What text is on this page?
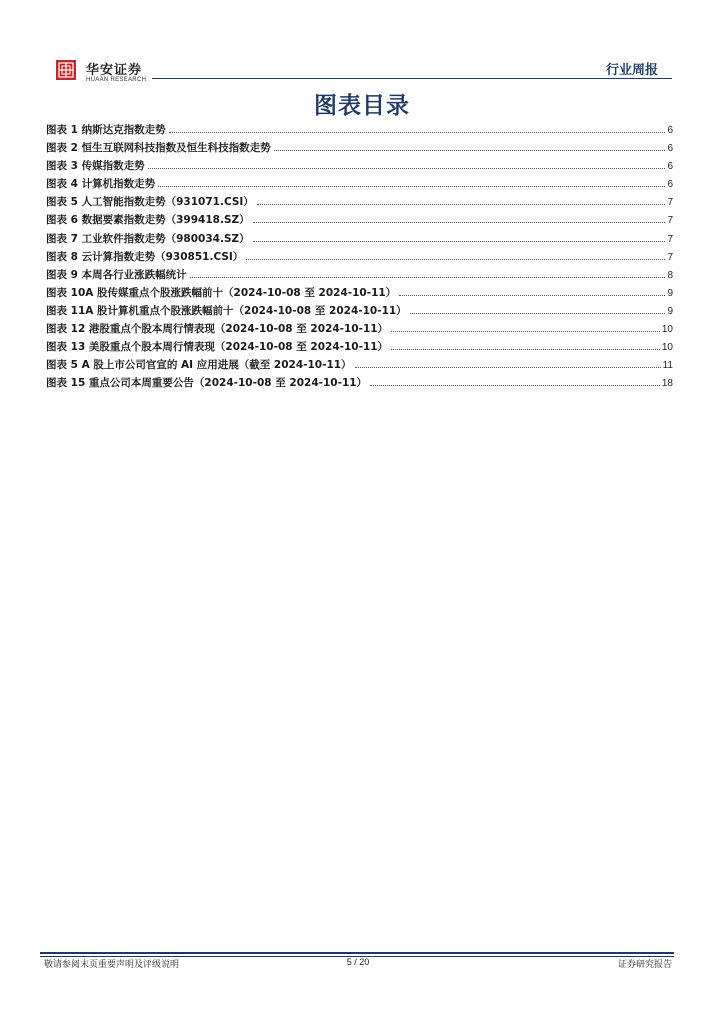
华安证券
HUAAN RESEARCH
行业周报
图表目录
图表 1 纳斯达克指数走势	6
图表 2 恒生互联网科技指数及恒生科技指数走势	6
图表 3 传媒指数走势	6
图表 4 计算机指数走势	6
图表 5 人工智能指数走势（931071.CSI）	7
图表 6 数据要素指数走势（399418.SZ）	7
图表 7 工业软件指数走势（980034.SZ）	7
图表 8 云计算指数走势（930851.CSI）	7
图表 9 本周各行业涨跌幅统计	8
图表 10A 股传媒重点个股涨跌幅前十（2024-10-08 至 2024-10-11）	9
图表 11A 股计算机重点个股涨跌幅前十（2024-10-08 至 2024-10-11）	9
图表 12 港股重点个股本周行情表现（2024-10-08 至 2024-10-11）	10
图表 13 美股重点个股本周行情表现（2024-10-08 至 2024-10-11）	10
图表 5 A 股上市公司官宣的 AI 应用进展（截至 2024-10-11）	11
图表 15 重点公司本周重要公告（2024-10-08 至 2024-10-11）	18
敬请参阅末页重要声明及评级说明	5 / 20	证券研究报告
